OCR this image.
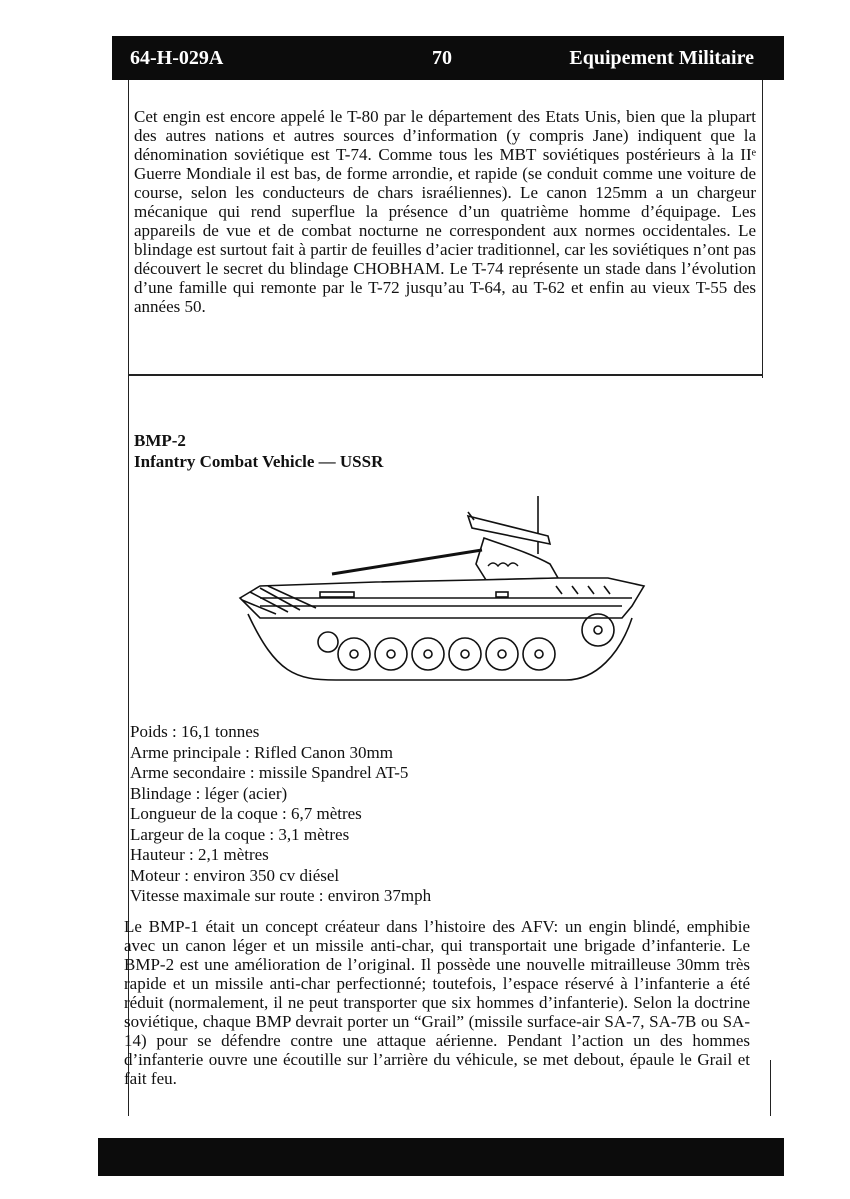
64-H-029A	70	Equipement Militaire
Cet engin est encore appelé le T-80 par le département des Etats Unis, bien que la plupart des autres nations et autres sources d’information (y compris Jane) indiquent que la dénomination soviétique est T-74. Comme tous les MBT soviétiques postérieurs à la IIᵉ Guerre Mondiale il est bas, de forme arrondie, et rapide (se conduit comme une voiture de course, selon les conducteurs de chars israéliennes). Le canon 125mm a un chargeur mécanique qui rend superflue la présence d’un quatrième homme d’équipage. Les appareils de vue et de combat nocturne ne correspondent aux normes occidentales. Le blindage est surtout fait à partir de feuilles d’acier traditionnel, car les soviétiques n’ont pas découvert le secret du blindage CHOBHAM. Le T-74 représente un stade dans l’évolution d’une famille qui remonte par le T-72 jusqu’au T-64, au T-62 et enfin au vieux T-55 des années 50.
BMP-2
Infantry Combat Vehicle — USSR
Poids : 16,1 tonnes
Arme principale : Rifled Canon 30mm
Arme secondaire : missile Spandrel AT-5
Blindage : léger (acier)
Longueur de la coque : 6,7 mètres
Largeur de la coque : 3,1 mètres
Hauteur : 2,1 mètres
Moteur : environ 350 cv diésel
Vitesse maximale sur route : environ 37mph
Le BMP-1 était un concept créateur dans l’histoire des AFV: un engin blindé, emphibie avec un canon léger et un missile anti-char, qui transportait une brigade d’infanterie. Le BMP-2 est une amélioration de l’original. Il possède une nouvelle mitrailleuse 30mm très rapide et un missile anti-char perfectionné; toutefois, l’espace réservé à l’infanterie a été réduit (normalement, il ne peut transporter que six hommes d’infanterie). Selon la doctrine soviétique, chaque BMP devrait porter un “Grail” (missile surface-air SA-7, SA-7B ou SA-14) pour se défendre contre une attaque aérienne. Pendant l’action un des hommes d’infanterie ouvre une écoutille sur l’arrière du véhicule, se met debout, épaule le Grail et fait feu.
